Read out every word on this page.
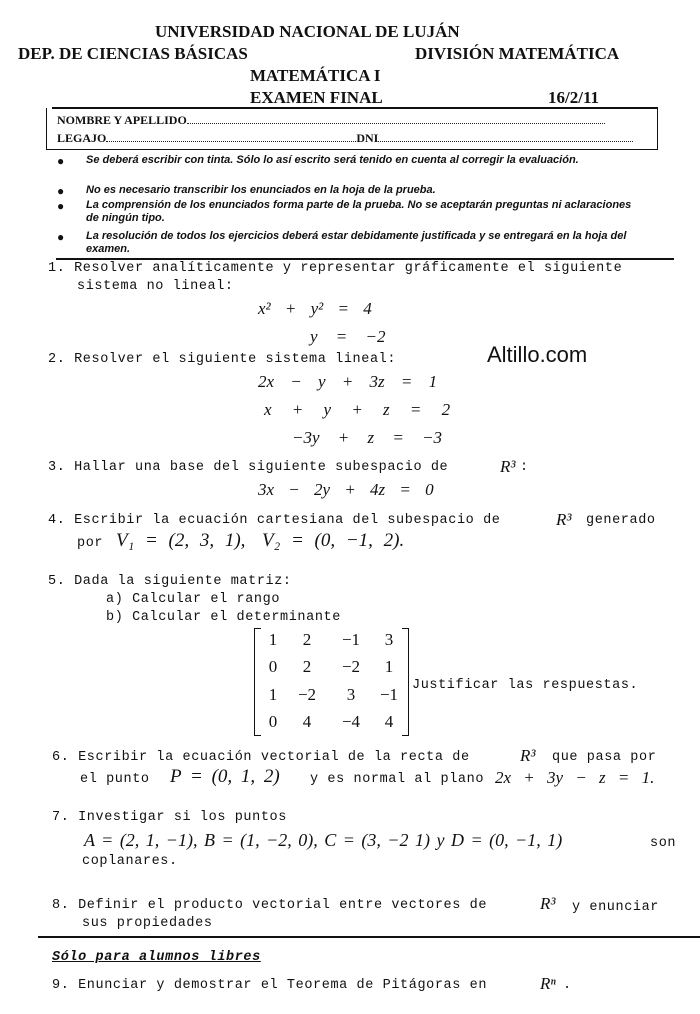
UNIVERSIDAD NACIONAL DE LUJÁN
DEP. DE CIENCIAS BÁSICAS	DIVISIÓN MATEMÁTICA
MATEMÁTICA I
EXAMEN FINAL	16/2/11
NOMBRE Y APELLIDO
LEGAJO	DNI
● Se deberá escribir con tinta. Sólo lo así escrito será tenido en cuenta al corregir la evaluación.
● No es necesario transcribir los enunciados en la hoja de la prueba.
● La comprensión de los enunciados forma parte de la prueba. No se aceptarán preguntas ni aclaraciones de ningún tipo.
● La resolución de todos los ejercicios deberá estar debidamente justificada y se entregará en la hoja del examen.
1. Resolver analíticamente y representar gráficamente el siguiente
sistema no lineal:
x² + y² = 4
y = −2
2. Resolver el siguiente sistema lineal:	Altillo.com
2x − y + 3z = 1
x + y + z = 2
−3y + z = −3
3. Hallar una base del siguiente subespacio de	R³ :
3x − 2y + 4z = 0
4. Escribir la ecuación cartesiana del subespacio de	R³ generado
por V₁ = (2, 3, 1), V₂ = (0, −1, 2).
5. Dada la siguiente matriz:
a) Calcular el rango
b) Calcular el determinante
1	2	−1	3
0	2	−2	1
1	−2	3	−1
0	4	−4	4
Justificar las respuestas.
6. Escribir la ecuación vectorial de la recta de	R³ que pasa por
el punto P = (0, 1, 2) y es normal al plano 2x + 3y − z = 1.
7. Investigar si los puntos
A = (2, 1, −1), B = (1, −2, 0), C = (3, −2 1) y D = (0, −1, 1)	son
coplanares.
8. Definir el producto vectorial entre vectores de	R³ y enunciar
sus propiedades
Sólo para alumnos libres
9. Enunciar y demostrar el Teorema de Pitágoras en	Rⁿ .
